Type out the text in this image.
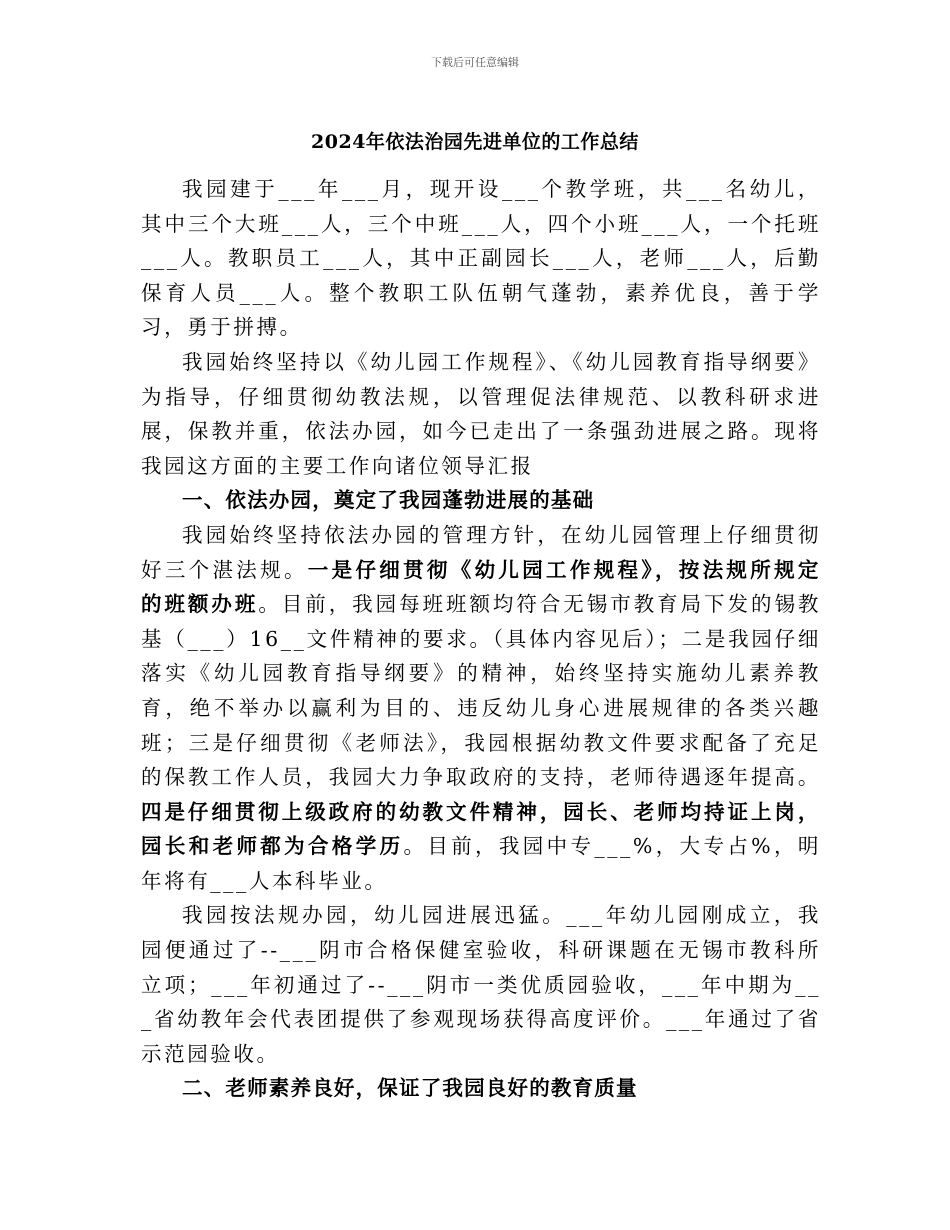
下载后可任意编辑
2024年依法治园先进单位的工作总结

我园建于___年___月，现开设___个教学班，共___名幼儿，其中三个大班___人，三个中班___人，四个小班___人，一个托班___人。教职员工___人，其中正副园长___人，老师___人，后勤保育人员___人。整个教职工队伍朝气蓬勃，素养优良，善于学习，勇于拼搏。

我园始终坚持以《幼儿园工作规程》、《幼儿园教育指导纲要》为指导，仔细贯彻幼教法规，以管理促法律规范、以教科研求进展，保教并重，依法办园，如今已走出了一条强劲进展之路。现将我园这方面的主要工作向诸位领导汇报

一、依法办园，奠定了我园蓬勃进展的基础

我园始终坚持依法办园的管理方针，在幼儿园管理上仔细贯彻好三个湛法规。一是仔细贯彻《幼儿园工作规程》，按法规所规定的班额办班。目前，我园每班班额均符合无锡市教育局下发的锡教基（___）16__文件精神的要求。（具体内容见后）；二是我园仔细落实《幼儿园教育指导纲要》的精神，始终坚持实施幼儿素养教育，绝不举办以赢利为目的、违反幼儿身心进展规律的各类兴趣班；三是仔细贯彻《老师法》，我园根据幼教文件要求配备了充足的保教工作人员，我园大力争取政府的支持，老师待遇逐年提高。四是仔细贯彻上级政府的幼教文件精神，园长、老师均持证上岗，园长和老师都为合格学历。目前，我园中专___%，大专占%，明年将有___人本科毕业。

我园按法规办园，幼儿园进展迅猛。___年幼儿园刚成立，我园便通过了--___阴市合格保健室验收，科研课题在无锡市教科所立项；___年初通过了--___阴市一类优质园验收，___年中期为___省幼教年会代表团提供了参观现场获得高度评价。___年通过了省示范园验收。

二、老师素养良好，保证了我园良好的教育质量
